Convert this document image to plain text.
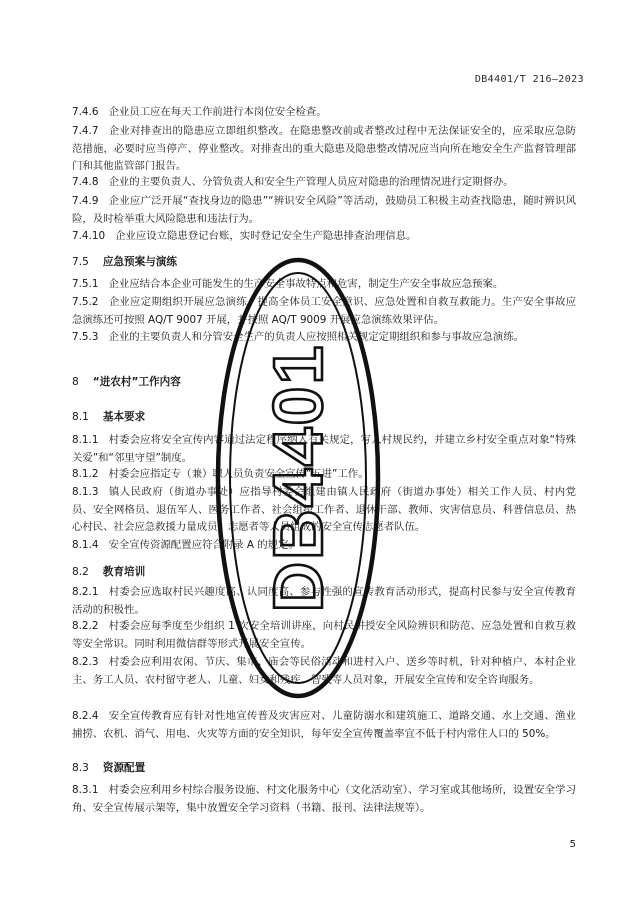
DB4401/T 216—2023

7.4.6 企业员工应在每天工作前进行本岗位安全检查。

7.4.7 企业对排查出的隐患应立即组织整改。在隐患整改前或者整改过程中无法保证安全的，应采取应急防范措施，必要时应当停产、停业整改。对排查出的重大隐患及隐患整改情况应当向所在地安全生产监督管理部门和其他监管部门报告。

7.4.8 企业的主要负责人、分管负责人和安全生产管理人员应对隐患的治理情况进行定期督办。

7.4.9 企业应广泛开展“查找身边的隐患”“辨识安全风险”等活动，鼓励员工积极主动查找隐患，随时辨识风险，及时检举重大风险隐患和违法行为。

7.4.10 企业应设立隐患登记台账，实时登记安全生产隐患排查治理信息。

7.5 应急预案与演练

7.5.1 企业应结合本企业可能发生的生产安全事故特点和危害，制定生产安全事故应急预案。

7.5.2 企业应定期组织开展应急演练，提高全体员工安全意识、应急处置和自救互救能力。生产安全事故应急演练还可按照 AQ/T 9007 开展，并按照 AQ/T 9009 开展应急演练效果评估。

7.5.3 企业的主要负责人和分管安全生产的负责人应按照相关规定定期组织和参与事故应急演练。

8 “进农村”工作内容
8.1 基本要求

8.1.1 村委会应将安全宣传内容通过法定程序纳入有关规定，写入村规民约，并建立乡村安全重点对象“特殊关爱”和“邻里守望”制度。

8.1.2 村委会应指定专（兼）职人员负责安全宣传“五进”工作。

8.1.3 镇人民政府（街道办事处）应指导村委会组建由镇人民政府（街道办事处）相关工作人员、村内党员、安全网格员、退伍军人、医务工作者、社会组织工作者、退休干部、教师、灾害信息员、科普信息员、热心村民、社会应急救援力量成员、志愿者等人员组成的安全宣传志愿者队伍。

8.1.4 安全宣传资源配置应符合附录 A 的规定。

8.2 教育培训

8.2.1 村委会应选取村民兴趣度高、认同度高、参与性强的宣传教育活动形式，提高村民参与安全宣传教育活动的积极性。

8.2.2 村委会应每季度至少组织 1 次安全培训讲座，向村民讲授安全风险辨识和防范、应急处置和自救互救等安全常识。同时利用微信群等形式开展安全宣传。

8.2.3 村委会应利用农闲、节庆、集市、庙会等民俗活动和进村入户、送乡等时机，针对种植户、本村企业主、务工人员、农村留守老人、儿童、妇女和残疾、智残等人员对象，开展安全宣传和安全咨询服务。

8.2.4 安全宣传教育应有针对性地宣传普及灾害应对、儿童防溺水和建筑施工、道路交通、水上交通、渔业捕捞、农机、消气、用电、火灾等方面的安全知识，每年安全宣传覆盖率宜不低于村内常住人口的 50%。

8.3 资源配置

8.3.1 村委会应利用乡村综合服务设施、村文化服务中心（文化活动室）、学习室或其他场所，设置安全学习角、安全宣传展示架等，集中放置安全学习资料（书籍、报刊、法律法规等）。

5
DB4401
